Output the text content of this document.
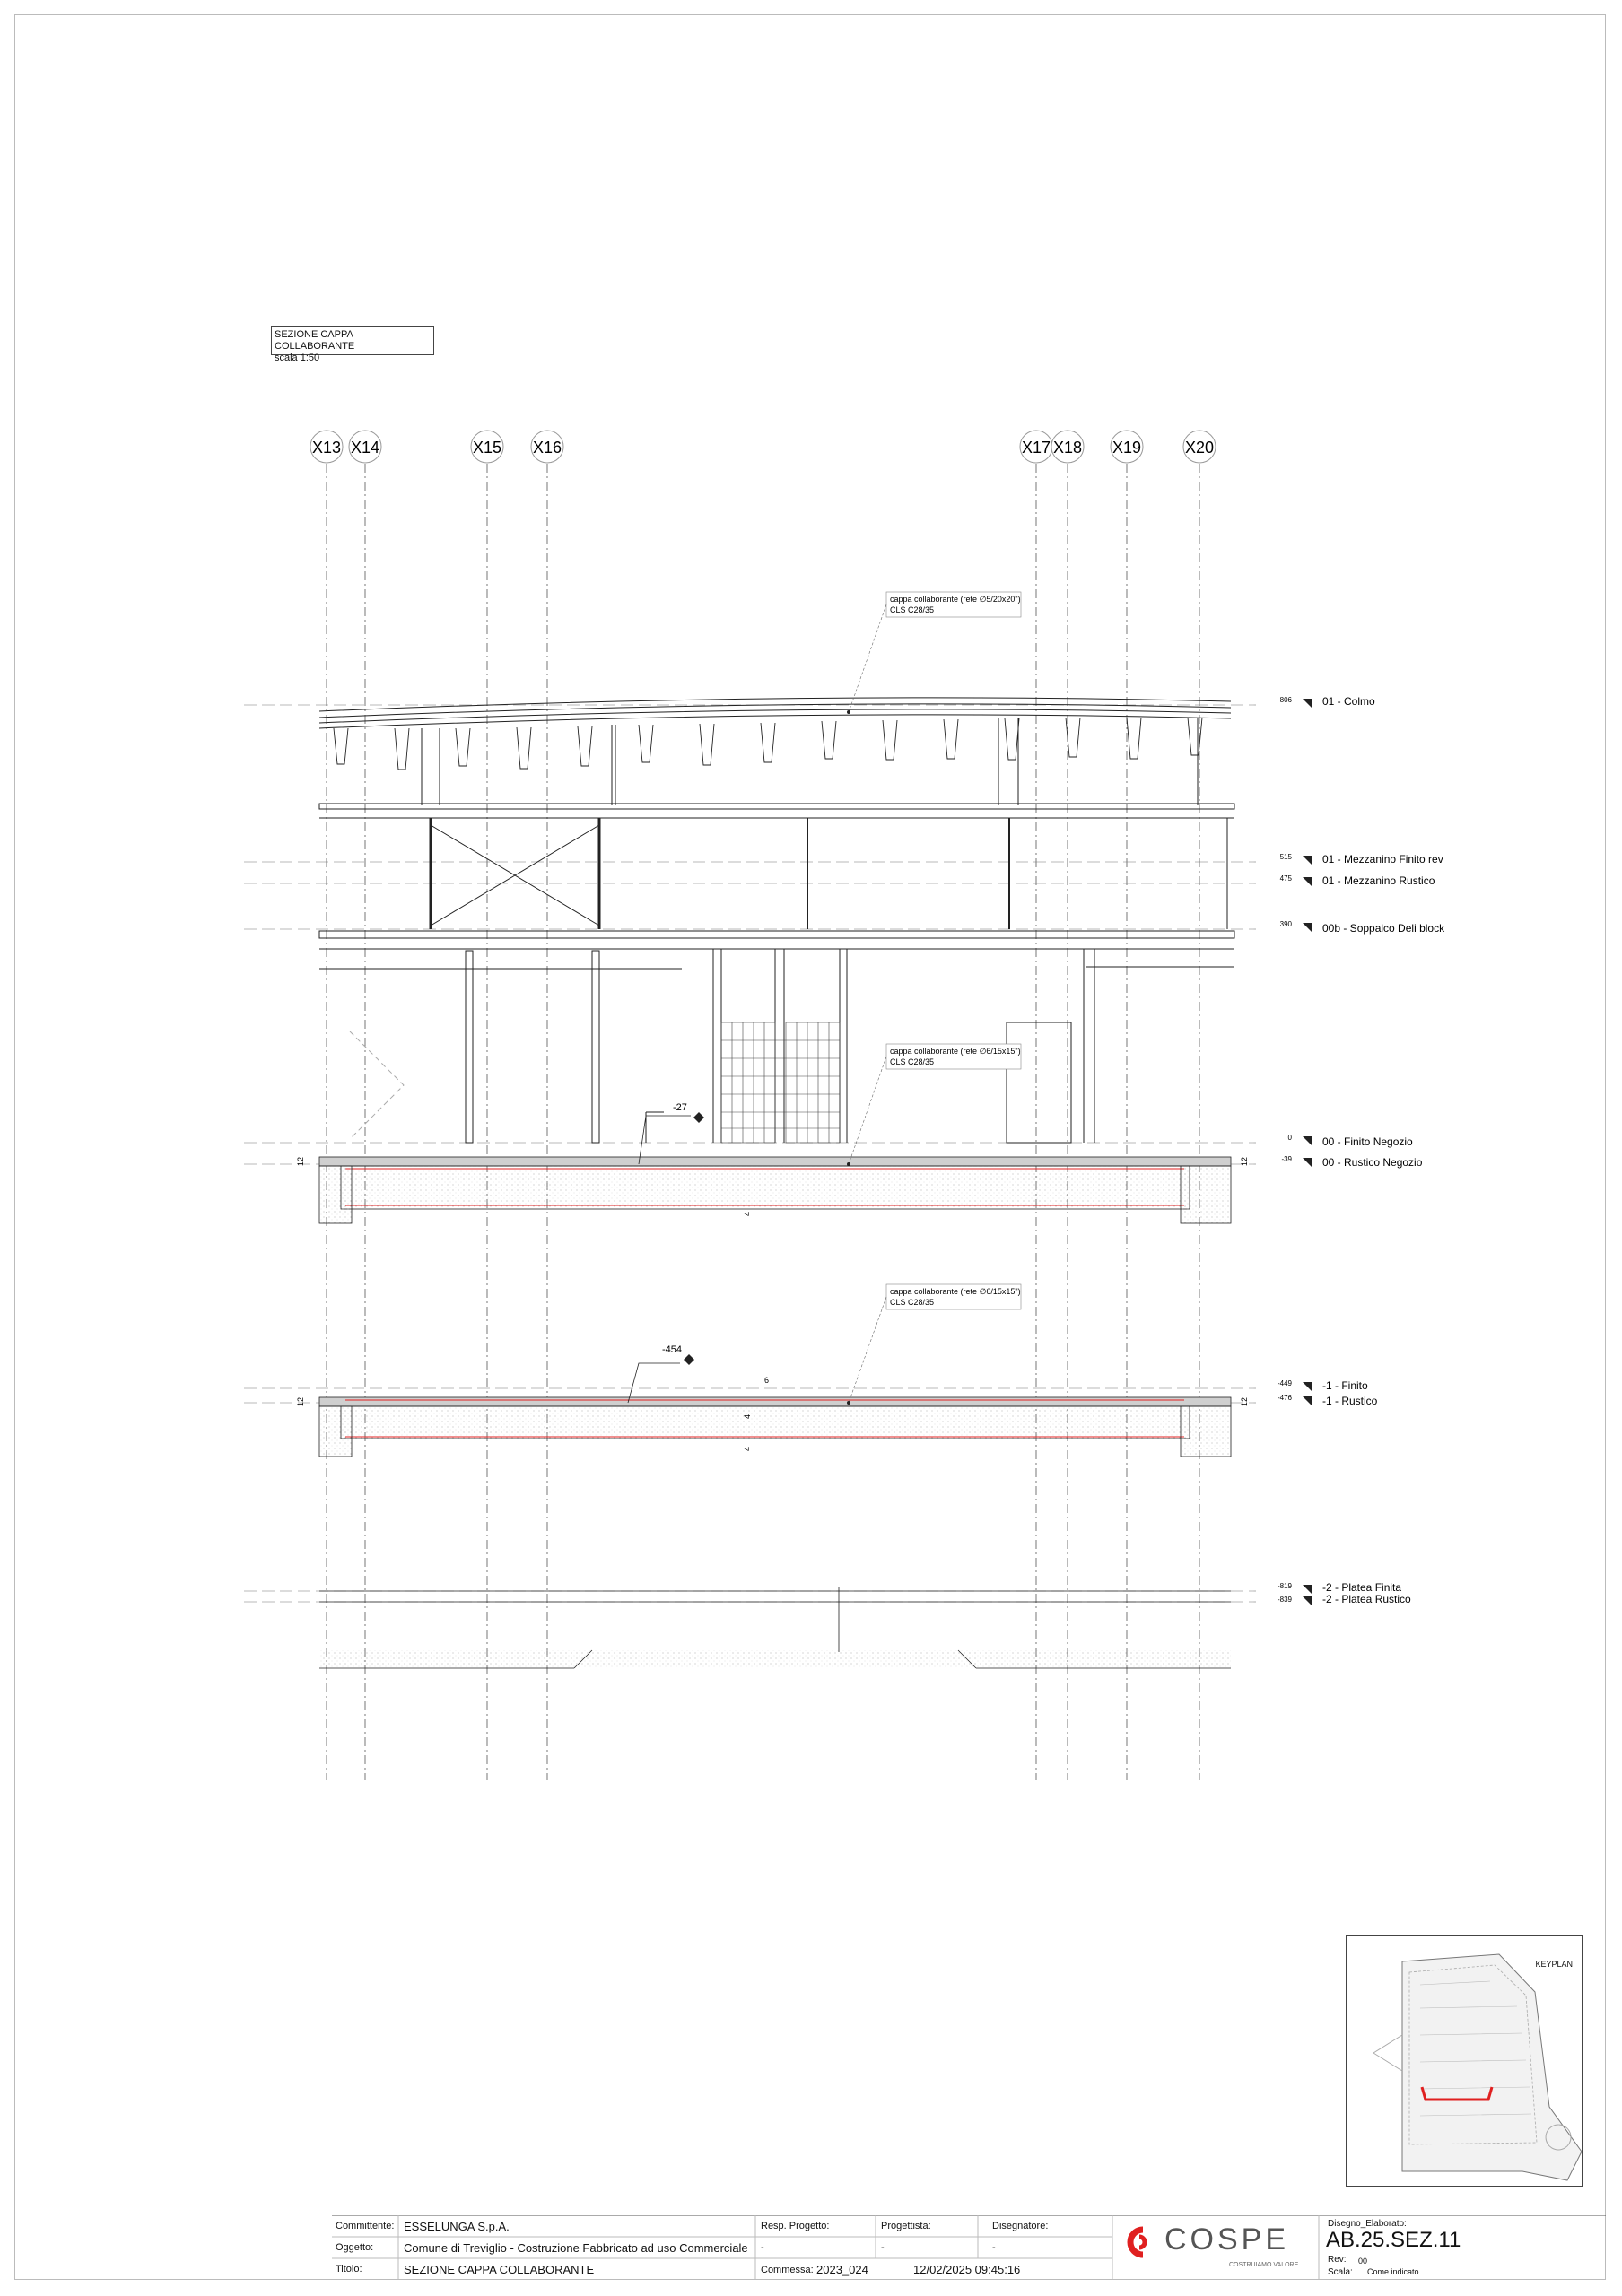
SEZIONE CAPPA COLLABORANTE
scala 1:50
X13 X14	X15 X16	X17 X18 X19	X20
806	01 - Colmo
515	01 - Mezzanino Finito rev
475	01 - Mezzanino Rustico
390	00b - Soppalco Deli block
0	00 - Finito Negozio
-39	00 - Rustico Negozio
-449	-1 - Finito
-476	-1 - Rustico
-819	-2 - Platea Finita
-839	-2 - Platea Rustico
12	12
4
12	12
6
4
4
-27
-454
cappa collaborante (rete ∅5/20x20")
CLS C28/35
cappa collaborante (rete ∅6/15x15")
CLS C28/35
cappa collaborante (rete ∅6/15x15")
CLS C28/35
KEYPLAN
Committente: ESSELUNGA S.p.A.
Oggetto:	Comune di Treviglio - Costruzione Fabbricato ad uso Commerciale
Titolo:	SEZIONE CAPPA COLLABORANTE
Resp. Progetto:
-
Progettista:
-
Disegnatore:
-
Commessa: 2023_024	12/02/2025 09:45:16
COSPE
COSTRUIAMO VALORE
Disegno_Elaborato:
AB.25.SEZ.11
Rev: 00
Scala: Come indicato
